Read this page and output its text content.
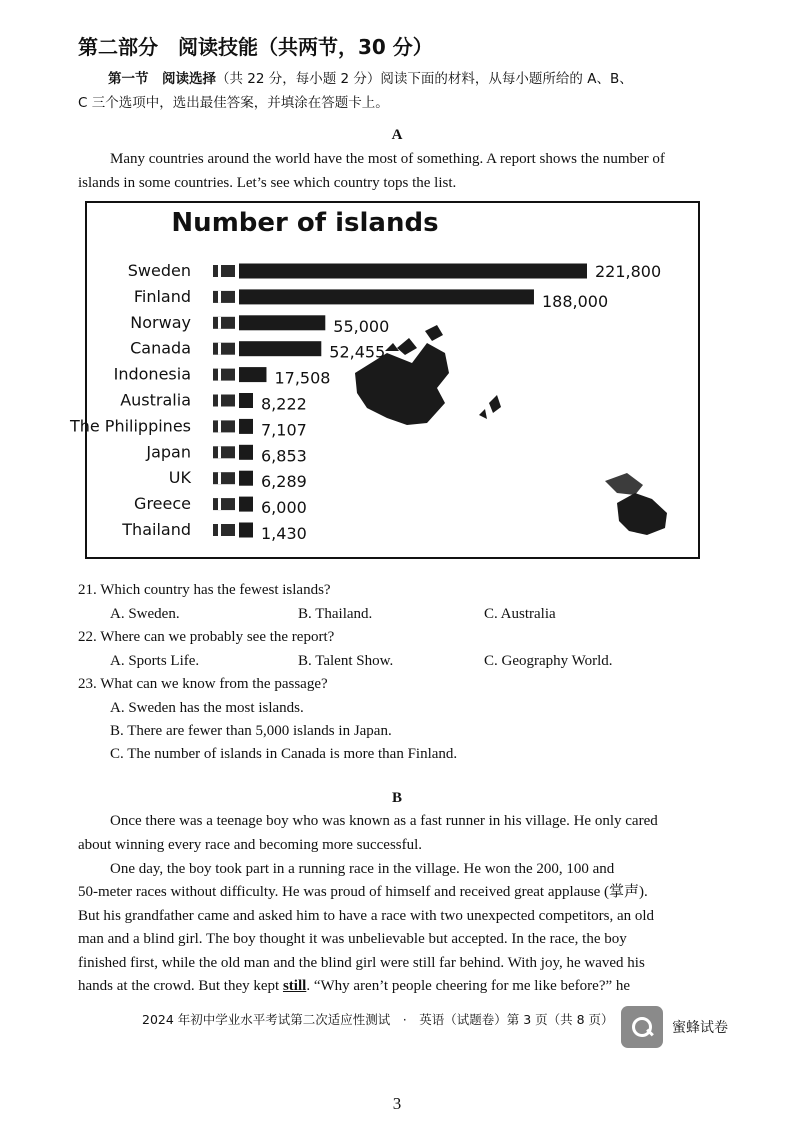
第二部分　阅读技能（共两节，30 分）
第一节　阅读选择（共 22 分，每小题 2 分）阅读下面的材料，从每小题所给的 A、B、
C 三个选项中，选出最佳答案，并填涂在答题卡上。
A
Many countries around the world have the most of something. A report shows the number of
islands in some countries. Let’s see which country tops the list.
Number of islands
Sweden	221,800
Finland	188,000
Norway	55,000
Canada	52,455
Indonesia	17,508
Australia	8,222
The Philippines	7,107
Japan	6,853
UK	6,289
Greece	6,000
Thailand	1,430
21. Which country has the fewest islands?
A. Sweden.	B. Thailand.	C. Australia
22. Where can we probably see the report?
A. Sports Life.	B. Talent Show.	C. Geography World.
23. What can we know from the passage?
A. Sweden has the most islands.
B. There are fewer than 5,000 islands in Japan.
C. The number of islands in Canada is more than Finland.
B
Once there was a teenage boy who was known as a fast runner in his village. He only cared
about winning every race and becoming more successful.
One day, the boy took part in a running race in the village. He won the 200, 100 and
50-meter races without difficulty. He was proud of himself and received great applause (掌声).
But his grandfather came and asked him to have a race with two unexpected competitors, an old
man and a blind girl. The boy thought it was unbelievable but accepted. In the race, the boy
finished first, while the old man and the blind girl were still far behind. With joy, he waved his
hands at the crowd. But they kept still. “Why aren’t people cheering for me like before?” he
2024 年初中学业水平考试第二次适应性测试　·　英语（试题卷）第 3 页（共 8 页）
蜜蜂试卷
3
